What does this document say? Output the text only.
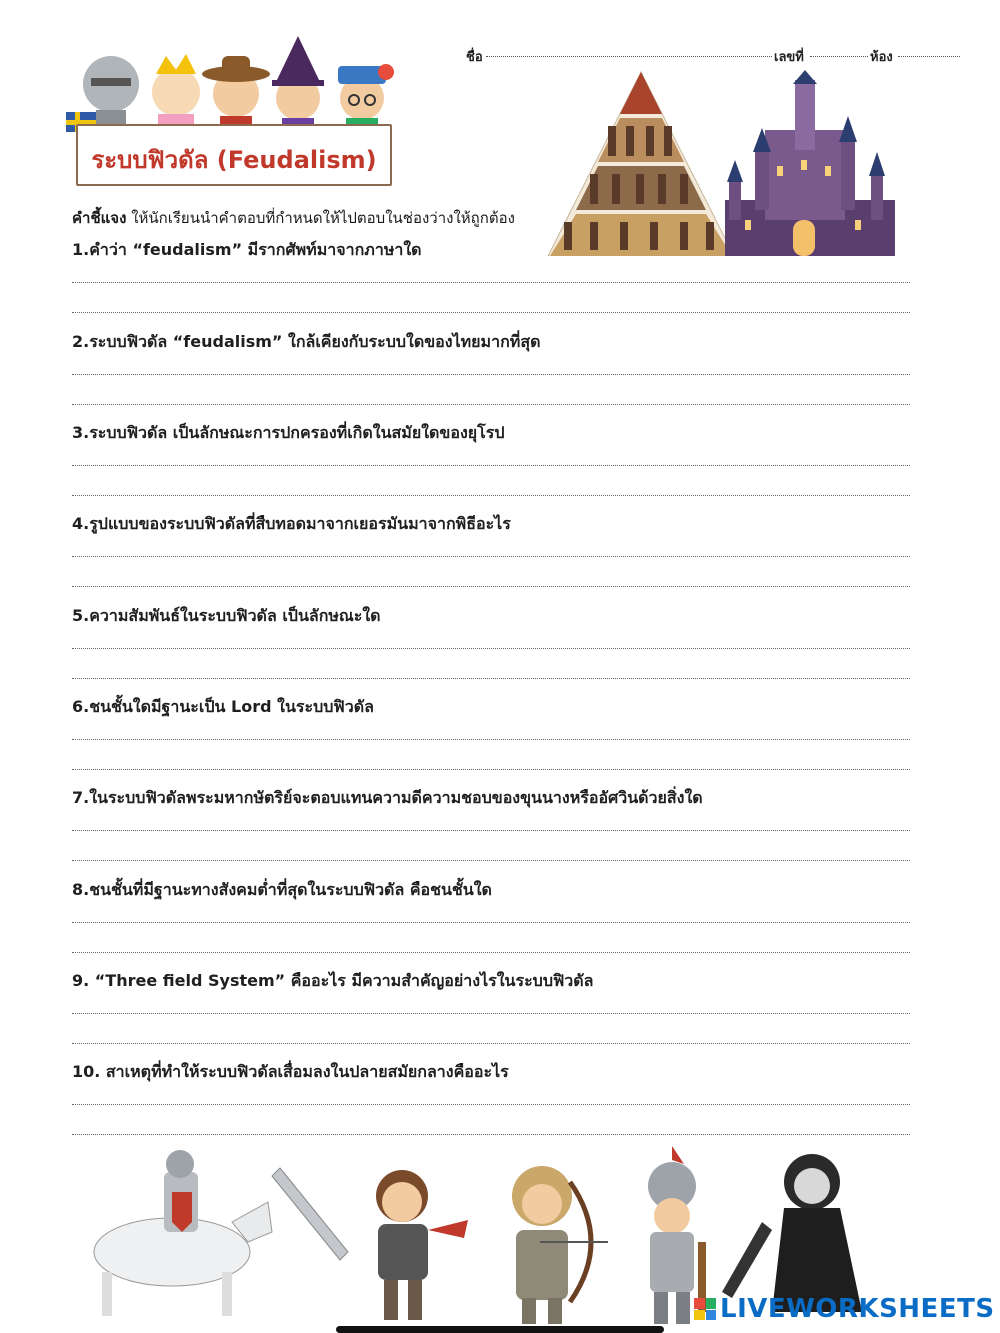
ระบบฟิวดัล (Feudalism)
ชื่อ	เลขที่	ห้อง
คำชี้แจง ให้นักเรียนนำคำตอบที่กำหนดให้ไปตอบในช่องว่างให้ถูกต้อง
1.คำว่า “feudalism” มีรากศัพท์มาจากภาษาใด
2.ระบบฟิวดัล “feudalism” ใกล้เคียงกับระบบใดของไทยมากที่สุด
3.ระบบฟิวดัล เป็นลักษณะการปกครองที่เกิดในสมัยใดของยุโรป
4.รูปแบบของระบบฟิวดัลที่สืบทอดมาจากเยอรมันมาจากพิธีอะไร
5.ความสัมพันธ์ในระบบฟิวดัล เป็นลักษณะใด
6.ชนชั้นใดมีฐานะเป็น Lord ในระบบฟิวดัล
7.ในระบบฟิวดัลพระมหากษัตริย์จะตอบแทนความดีความชอบของขุนนางหรืออัศวินด้วยสิ่งใด
8.ชนชั้นที่มีฐานะทางสังคมต่ำที่สุดในระบบฟิวดัล คือชนชั้นใด
9. “Three field System” คืออะไร มีความสำคัญอย่างไรในระบบฟิวดัล
10. สาเหตุที่ทำให้ระบบฟิวดัลเสื่อมลงในปลายสมัยกลางคืออะไร
LIVEWORKSHEETS
